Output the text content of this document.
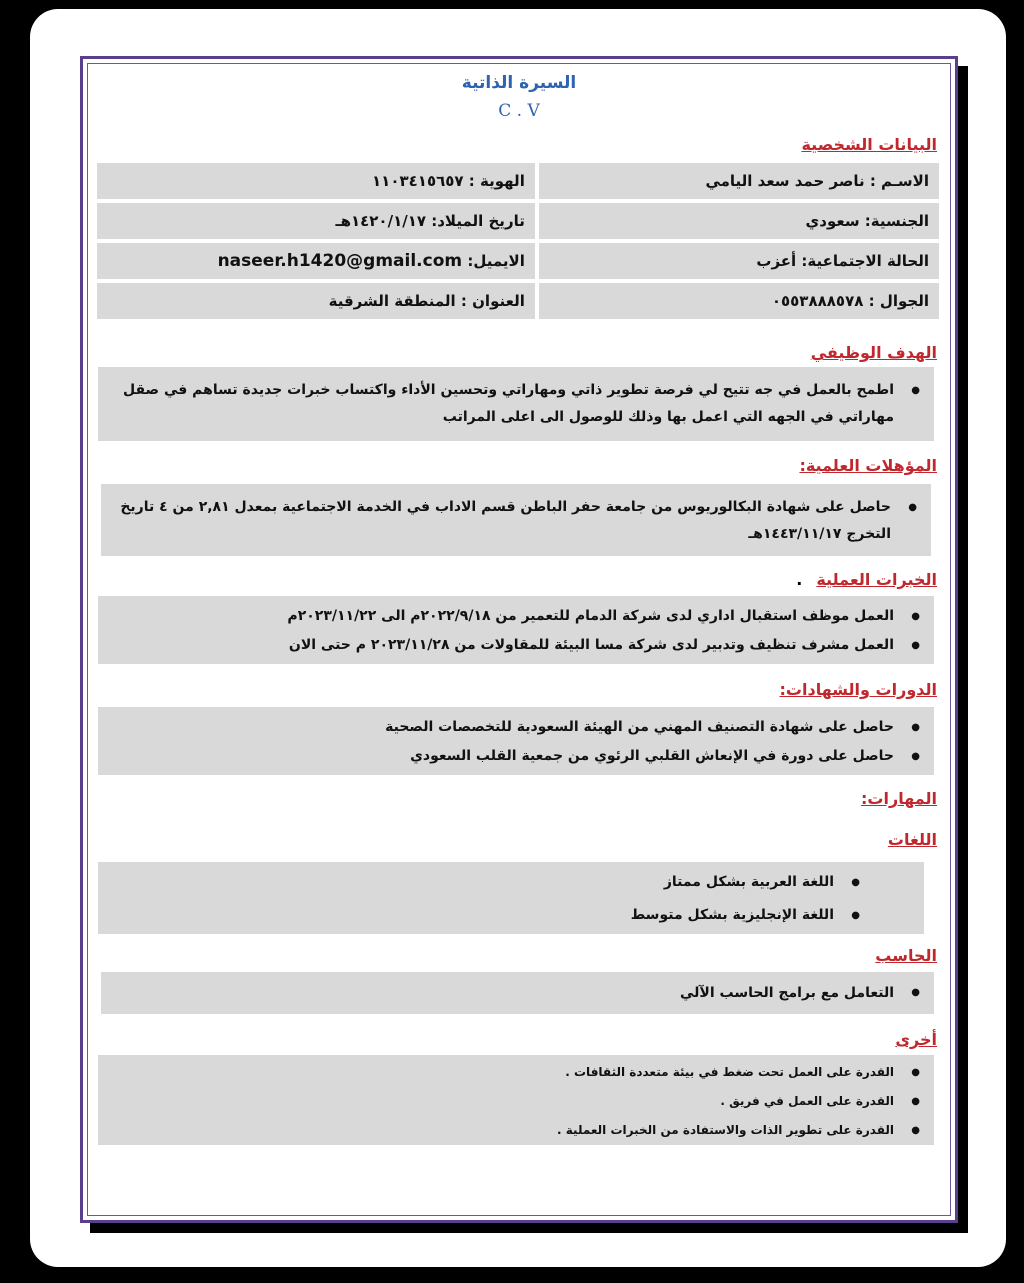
السيرة الذاتية
C . V
البيانات الشخصية
الاسـم : ناصر حمد سعد اليامي	الهوية : ١١٠٣٤١٥٦٥٧
الجنسية: سعودي	تاريخ الميلاد: ١٤٢٠/١/١٧هـ
الحالة الاجتماعية: أعزب	الايميل: naseer.h1420@gmail.com
الجوال : ٠٥٥٣٨٨٨٥٧٨	العنوان : المنطقة الشرقية
الهدف الوظيفي
● اطمح بالعمل في جه تتيح لي فرصة تطوير ذاتي ومهاراتي وتحسين الأداء واكتساب خبرات جديدة تساهم في صقل مهاراتي في الجهه التي اعمل بها وذلك للوصول الى اعلى المراتب
المؤهلات العلمية:
● حاصل على شهادة البكالوريوس من جامعة حفر الباطن قسم الاداب في الخدمة الاجتماعية بمعدل ٢,٨١ من ٤ تاريخ التخرج ١٤٤٣/١١/١٧هـ
الخبرات العملية.
● العمل موظف استقبال اداري لدى شركة الدمام للتعمير من ٢٠٢٢/٩/١٨م الى ٢٠٢٣/١١/٢٢م
● العمل مشرف تنظيف وتدبير لدى شركة مسا البيئة للمقاولات من ٢٠٢٣/١١/٢٨ م حتى الان
الدورات والشهادات:
● حاصل على شهادة التصنيف المهني من الهيئة السعودية للتخصصات الصحية
● حاصل على دورة في الإنعاش القلبي الرئوي من جمعية القلب السعودي
المهارات:
اللغات
● اللغة العربية بشكل ممتاز
● اللغة الإنجليزية بشكل متوسط
الحاسب
● التعامل مع برامج الحاسب الآلي
أخرى
● القدرة على العمل تحت ضغط في بيئة متعددة الثقافات .
● القدرة على العمل في فريق .
● القدرة على تطوير الذات والاستفادة من الخبرات العملية .
